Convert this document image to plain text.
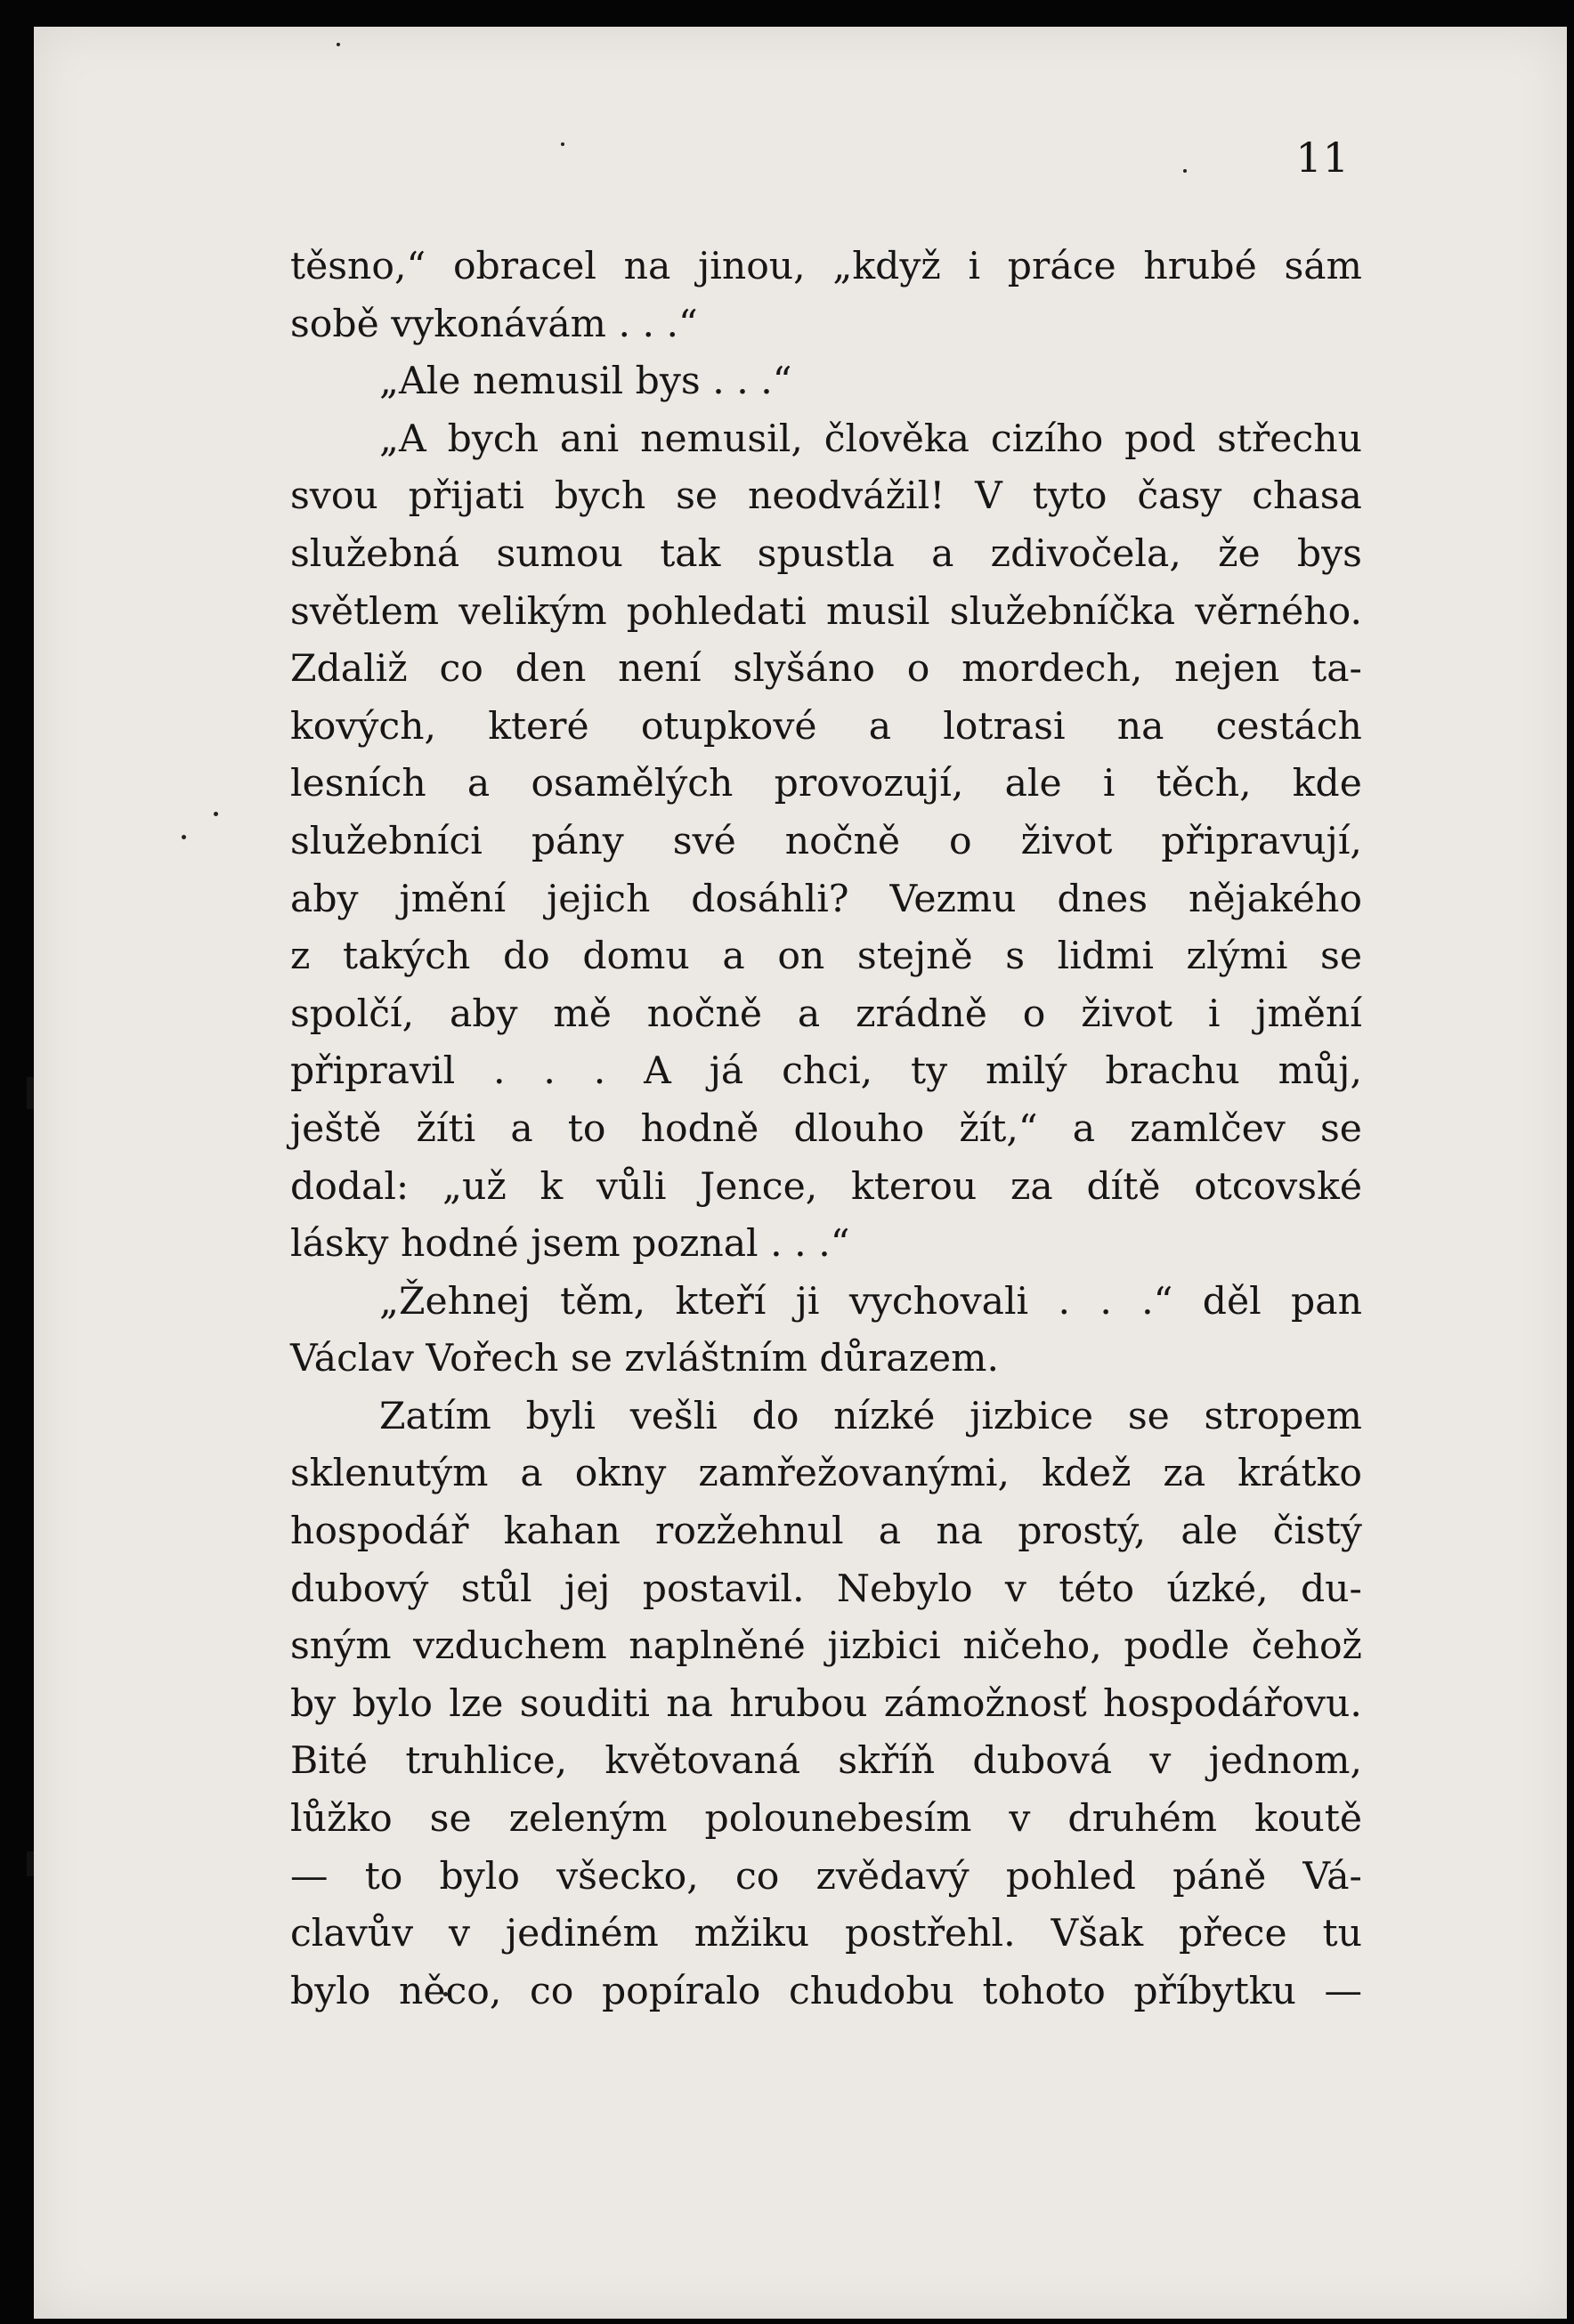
11
těsno,“ obracel na jinou, „když i práce hrubé sám
sobě vykonávám . . .“
„Ale nemusil bys . . .“
„A bych ani nemusil, člověka cizího pod střechu
svou přijati bych se neodvážil! V tyto časy chasa
služebná sumou tak spustla a zdivočela, že bys
světlem velikým pohledati musil služebníčka věrného.
Zdaliž co den není slyšáno o mordech, nejen ta-
kových, které otupkové a lotrasi na cestách
lesních a osamělých provozují, ale i těch, kde
služebníci pány své nočně o život připravují,
aby jmění jejich dosáhli? Vezmu dnes nějakého
z takých do domu a on stejně s lidmi zlými se
spolčí, aby mě nočně a zrádně o život i jmění
připravil . . . A já chci, ty milý brachu můj,
ještě žíti a to hodně dlouho žít,“ a zamlčev se
dodal: „už k vůli Jence, kterou za dítě otcovské
lásky hodné jsem poznal . . .“
„Žehnej těm, kteří ji vychovali . . .“ děl pan
Václav Vořech se zvláštním důrazem.
Zatím byli vešli do nízké jizbice se stropem
sklenutým a okny zamřežovanými, kdež za krátko
hospodář kahan rozžehnul a na prostý, ale čistý
dubový stůl jej postavil. Nebylo v této úzké, du-
sným vzduchem naplněné jizbici ničeho, podle čehož
by bylo lze souditi na hrubou zámožnosť hospodářovu.
Bité truhlice, květovaná skříň dubová v jednom,
lůžko se zeleným polounebesím v druhém koutě
— to bylo všecko, co zvědavý pohled páně Vá-
clavův v jediném mžiku postřehl. Však přece tu
bylo něco, co popíralo chudobu tohoto příbytku —
